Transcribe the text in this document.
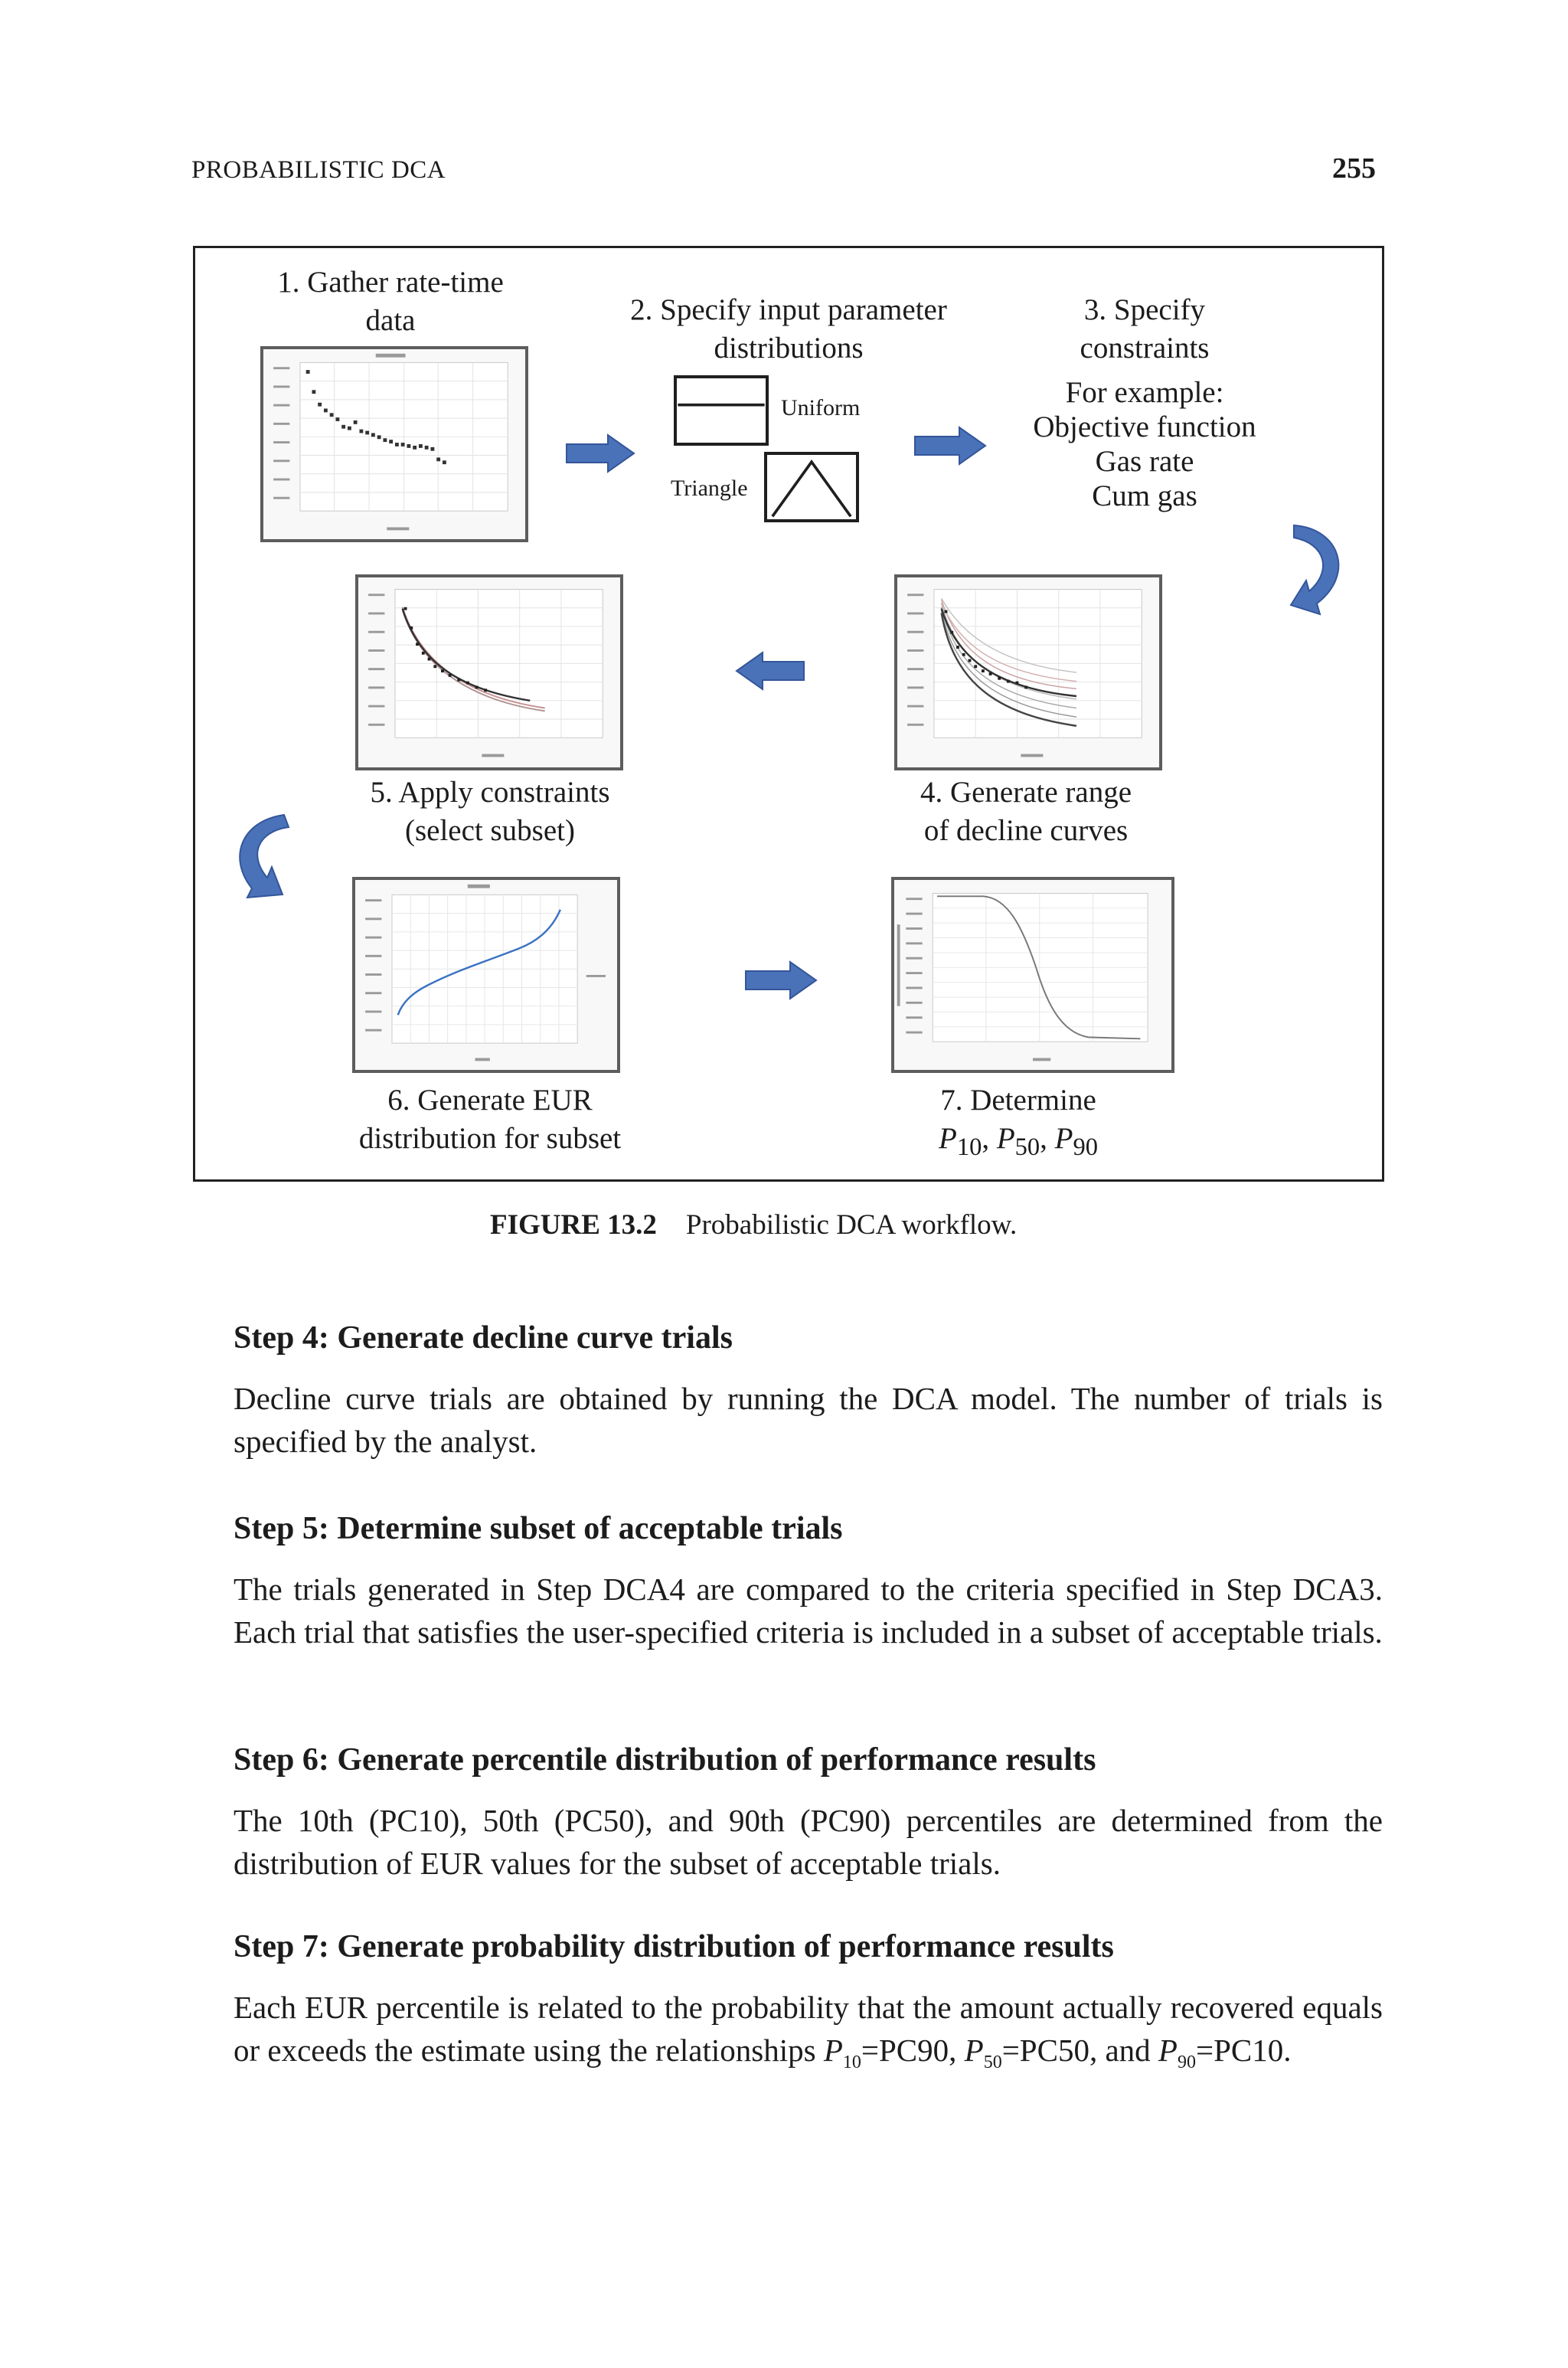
PROBABILISTIC DCA	255
1. Gather rate-time
data	2. Specify input parameter
distributions
Uniform
Triangle
3. Specify
constraints
For example:
Objective function
Gas rate
Cum gas
5. Apply constraints
(select subset)
4. Generate range
of decline curves
6. Generate EUR
distribution for subset
7. Determine
$P_{10}$, $P_{50}$, $P_{90}$
FIGURE 13.2 Probabilistic DCA workflow.
Step 4: Generate decline curve trials
Decline curve trials are obtained by running the DCA model. The number of trials is specified by the analyst.
Step 5: Determine subset of acceptable trials
The trials generated in Step DCA4 are compared to the criteria specified in Step DCA3. Each trial that satisfies the user-specified criteria is included in a subset of acceptable trials.
Step 6: Generate percentile distribution of performance results
The 10th (PC10), 50th (PC50), and 90th (PC90) percentiles are determined from the distribution of EUR values for the subset of acceptable trials.
Step 7: Generate probability distribution of performance results
Each EUR percentile is related to the probability that the amount actually recovered equals or exceeds the estimate using the relationships $P_{10}=PC90$, $P_{50}=PC50$, and $P_{90}=PC10$.
